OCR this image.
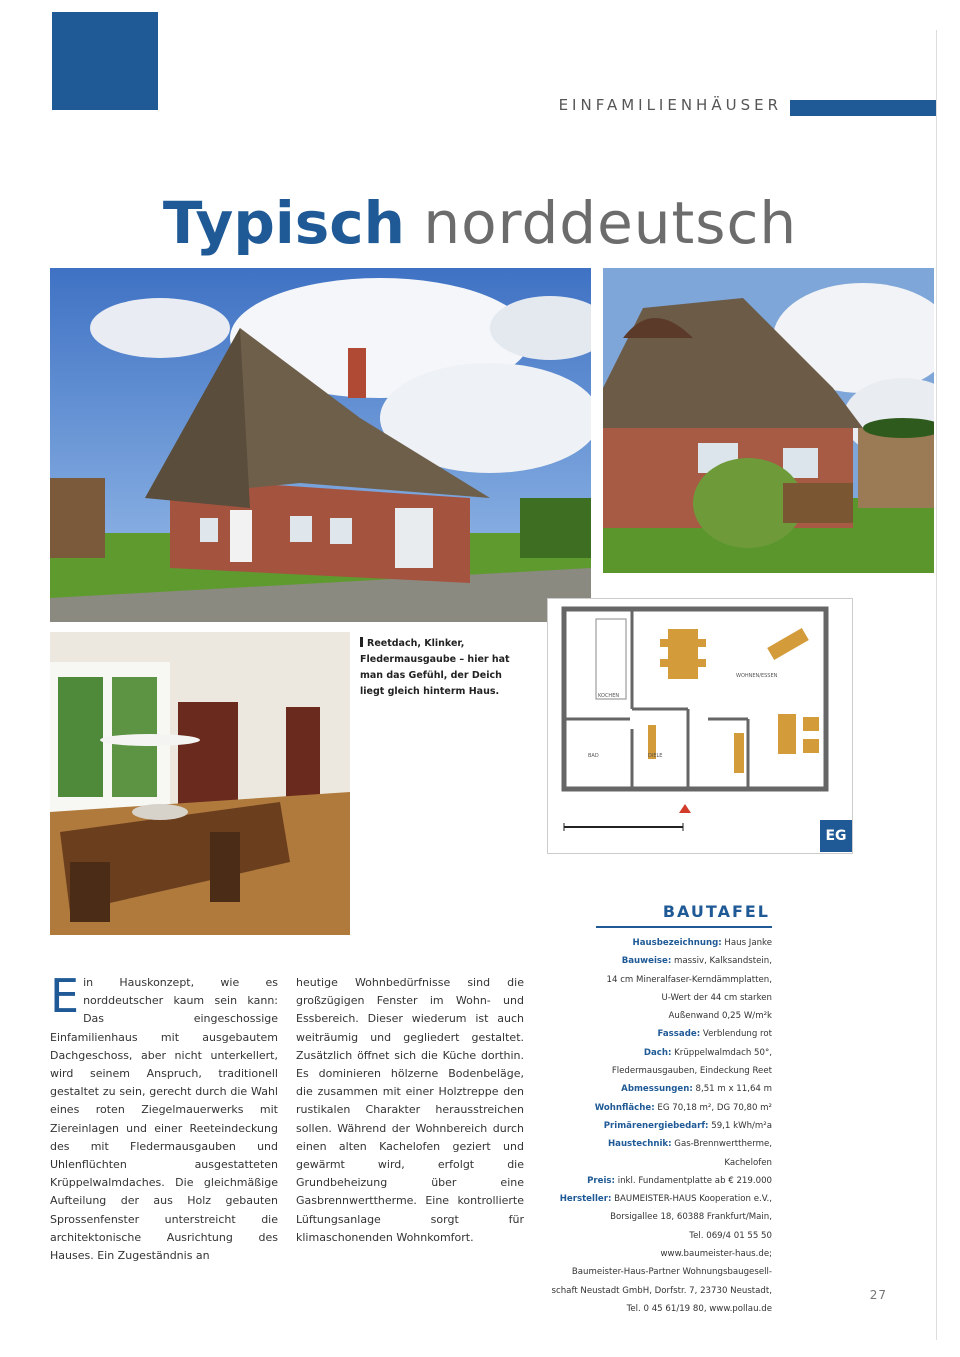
EINFAMILIENHÄUSER
Typisch norddeutsch
Reetdach, Klinker, Fledermausgaube – hier hat man das Gefühl, der Deich liegt gleich hinterm Haus.	KOCHEN
WOHNEN/ESSEN
BAD	DIELE
EG
BAUTAFEL
Hausbezeichnung: Haus Janke
Bauweise: massiv, Kalksandstein,
14 cm Mineralfaser-Kerndämmplatten,
U-Wert der 44 cm starken
Außenwand 0,25 W/m²k
Fassade: Verblendung rot
Dach: Krüppelwalmdach 50°,
Fledermausgauben, Eindeckung Reet
Abmessungen: 8,51 m x 11,64 m
Wohnfläche: EG 70,18 m², DG 70,80 m²
Primärenergiebedarf: 59,1 kWh/m²a
Haustechnik: Gas-Brennwerttherme,
Kachelofen
Preis: inkl. Fundamentplatte ab € 219.000
Hersteller: BAUMEISTER-HAUS Kooperation e.V.,
Borsigallee 18, 60388 Frankfurt/Main,
Tel. 069/4 01 55 50
www.baumeister-haus.de;
Baumeister-Haus-Partner Wohnungsbaugesell-
schaft Neustadt GmbH, Dorfstr. 7, 23730 Neustadt,
Tel. 0 45 61/19 80, www.pollau.de
Ein Hauskonzept, wie es norddeutscher kaum sein kann: Das eingeschossige Einfamilienhaus mit ausgebautem Dachgeschoss, aber nicht unterkellert, wird seinem Anspruch, traditionell gestaltet zu sein, gerecht durch die Wahl eines roten Ziegelmauerwerks mit Ziereinlagen und einer Reeteindeckung des mit Fledermausgauben und Uhlenflüchten ausgestatteten Krüppelwalmdaches. Die gleichmäßige Aufteilung der aus Holz gebauten Sprossenfenster unterstreicht die architektonische Ausrichtung des Hauses. Ein Zugeständnis an
heutige Wohnbedürfnisse sind die großzügigen Fenster im Wohn- und Essbereich. Dieser wiederum ist auch weiträumig und gegliedert gestaltet. Zusätzlich öffnet sich die Küche dorthin. Es dominieren hölzerne Bodenbeläge, die zusammen mit einer Holztreppe den rustikalen Charakter herausstreichen sollen. Während der Wohnbereich durch einen alten Kachelofen geziert und gewärmt wird, erfolgt die Grundbeheizung über eine Gasbrennwerttherme. Eine kontrollierte Lüftungsanlage sorgt für klimaschonenden Wohnkomfort.
27
